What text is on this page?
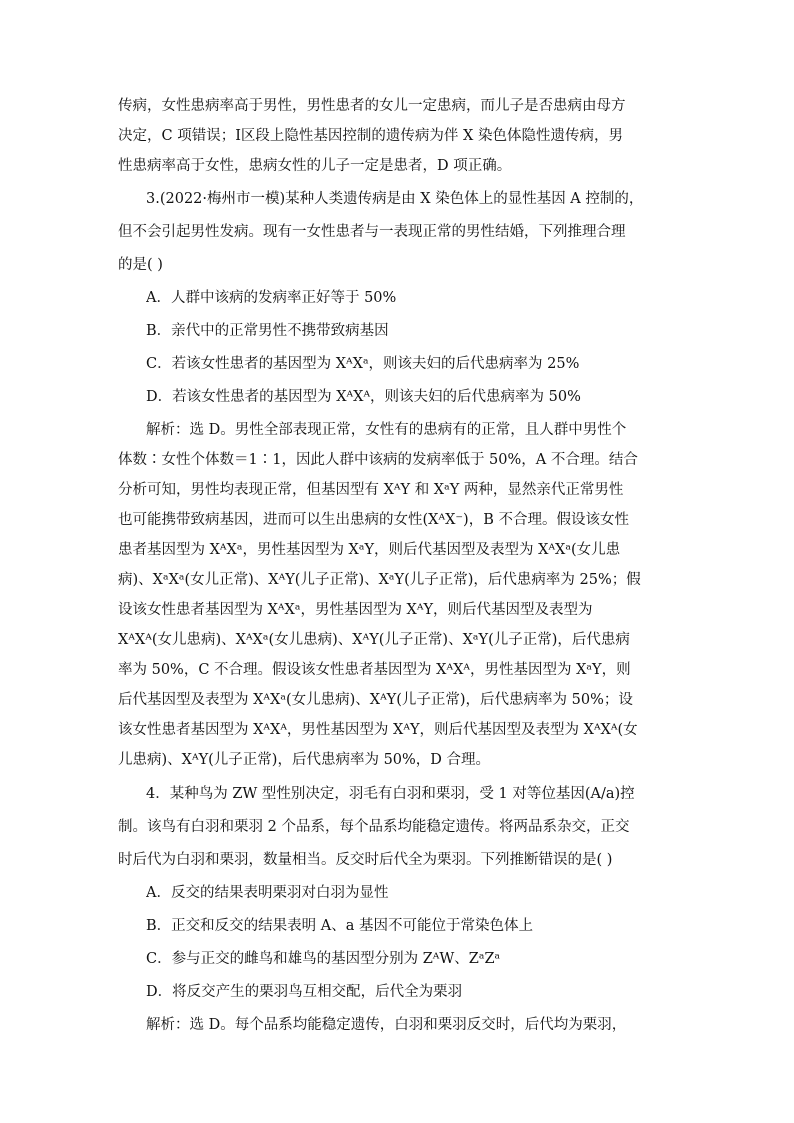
传病，女性患病率高于男性，男性患者的女儿一定患病，而儿子是否患病由母方
决定，C 项错误；Ⅰ区段上隐性基因控制的遗传病为伴 X 染色体隐性遗传病，男
性患病率高于女性，患病女性的儿子一定是患者，D 项正确。
3.(2022·梅州市一模)某种人类遗传病是由 X 染色体上的显性基因 A 控制的，
但不会引起男性发病。现有一女性患者与一表现正常的男性结婚，下列推理合理
的是( )
A．人群中该病的发病率正好等于 50%
B．亲代中的正常男性不携带致病基因
C．若该女性患者的基因型为 XᴬXᵃ，则该夫妇的后代患病率为 25%
D．若该女性患者的基因型为 XᴬXᴬ，则该夫妇的后代患病率为 50%
解析：选 D。男性全部表现正常，女性有的患病有的正常，且人群中男性个
体数∶女性个体数＝1∶1，因此人群中该病的发病率低于 50%，A 不合理。结合
分析可知，男性均表现正常，但基因型有 XᴬY 和 XᵃY 两种，显然亲代正常男性
也可能携带致病基因，进而可以生出患病的女性(XᴬX⁻)，B 不合理。假设该女性
患者基因型为 XᴬXᵃ，男性基因型为 XᵃY，则后代基因型及表型为 XᴬXᵃ(女儿患
病)、XᵃXᵃ(女儿正常)、XᴬY(儿子正常)、XᵃY(儿子正常)，后代患病率为 25%；假
设该女性患者基因型为 XᴬXᵃ，男性基因型为 XᴬY，则后代基因型及表型为
XᴬXᴬ(女儿患病)、XᴬXᵃ(女儿患病)、XᴬY(儿子正常)、XᵃY(儿子正常)，后代患病
率为 50%，C 不合理。假设该女性患者基因型为 XᴬXᴬ，男性基因型为 XᵃY，则
后代基因型及表型为 XᴬXᵃ(女儿患病)、XᴬY(儿子正常)，后代患病率为 50%；设
该女性患者基因型为 XᴬXᴬ，男性基因型为 XᴬY，则后代基因型及表型为 XᴬXᴬ(女
儿患病)、XᴬY(儿子正常)，后代患病率为 50%，D 合理。
4．某种鸟为 ZW 型性别决定，羽毛有白羽和栗羽，受 1 对等位基因(A/a)控
制。该鸟有白羽和栗羽 2 个品系，每个品系均能稳定遗传。将两品系杂交，正交
时后代为白羽和栗羽，数量相当。反交时后代全为栗羽。下列推断错误的是( )
A．反交的结果表明栗羽对白羽为显性
B．正交和反交的结果表明 A、a 基因不可能位于常染色体上
C．参与正交的雌鸟和雄鸟的基因型分别为 ZᴬW、ZᵃZᵃ
D．将反交产生的栗羽鸟互相交配，后代全为栗羽
解析：选 D。每个品系均能稳定遗传，白羽和栗羽反交时，后代均为栗羽，
